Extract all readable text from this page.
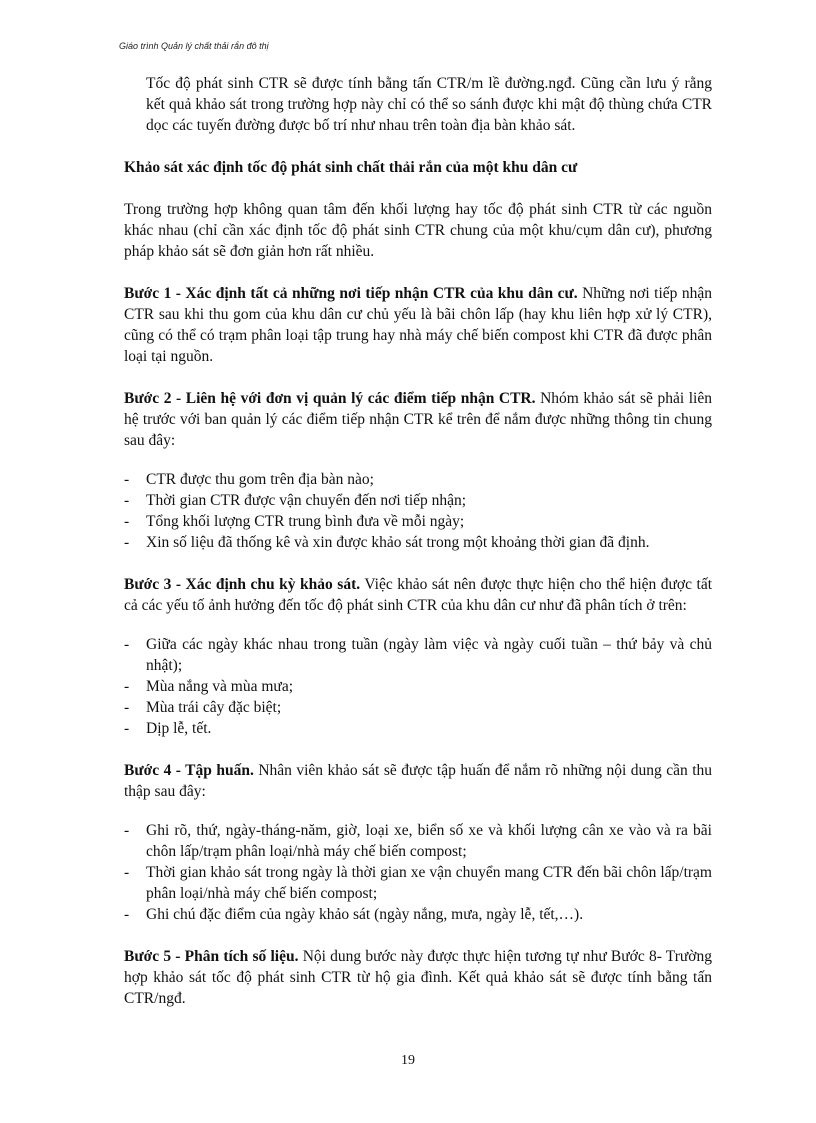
Giáo trình Quản lý chất thải rắn đô thị

Tốc độ phát sinh CTR sẽ được tính bằng tấn CTR/m lề đường.ngđ. Cũng cần lưu ý rằng kết quả khảo sát trong trường hợp này chỉ có thể so sánh được khi mật độ thùng chứa CTR dọc các tuyến đường được bố trí như nhau trên toàn địa bàn khảo sát.

Khảo sát xác định tốc độ phát sinh chất thải rắn của một khu dân cư

Trong trường hợp không quan tâm đến khối lượng hay tốc độ phát sinh CTR từ các nguồn khác nhau (chỉ cần xác định tốc độ phát sinh CTR chung của một khu/cụm dân cư), phương pháp khảo sát sẽ đơn giản hơn rất nhiều.

Bước 1 - Xác định tất cả những nơi tiếp nhận CTR của khu dân cư. Những nơi tiếp nhận CTR sau khi thu gom của khu dân cư chủ yếu là bãi chôn lấp (hay khu liên hợp xử lý CTR), cũng có thể có trạm phân loại tập trung hay nhà máy chế biến compost khi CTR đã được phân loại tại nguồn.

Bước 2 - Liên hệ với đơn vị quản lý các điểm tiếp nhận CTR. Nhóm khảo sát sẽ phải liên hệ trước với ban quản lý các điểm tiếp nhận CTR kể trên để nắm được những thông tin chung sau đây:

- CTR được thu gom trên địa bàn nào;
- Thời gian CTR được vận chuyển đến nơi tiếp nhận;
- Tổng khối lượng CTR trung bình đưa về mỗi ngày;
- Xin số liệu đã thống kê và xin được khảo sát trong một khoảng thời gian đã định.

Bước 3 - Xác định chu kỳ khảo sát. Việc khảo sát nên được thực hiện cho thể hiện được tất cả các yếu tố ảnh hưởng đến tốc độ phát sinh CTR của khu dân cư như đã phân tích ở trên:

- Giữa các ngày khác nhau trong tuần (ngày làm việc và ngày cuối tuần – thứ bảy và chủ nhật);
- Mùa nắng và mùa mưa;
- Mùa trái cây đặc biệt;
- Dịp lễ, tết.

Bước 4 - Tập huấn. Nhân viên khảo sát sẽ được tập huấn để nắm rõ những nội dung cần thu thập sau đây:

- Ghi rõ, thứ, ngày-tháng-năm, giờ, loại xe, biển số xe và khối lượng cân xe vào và ra bãi chôn lấp/trạm phân loại/nhà máy chế biến compost;
- Thời gian khảo sát trong ngày là thời gian xe vận chuyển mang CTR đến bãi chôn lấp/trạm phân loại/nhà máy chế biến compost;
- Ghi chú đặc điểm của ngày khảo sát (ngày nắng, mưa, ngày lễ, tết,…).

Bước 5 - Phân tích số liệu. Nội dung bước này được thực hiện tương tự như Bước 8- Trường hợp khảo sát tốc độ phát sinh CTR từ hộ gia đình. Kết quả khảo sát sẽ được tính bằng tấn CTR/ngđ.

19
